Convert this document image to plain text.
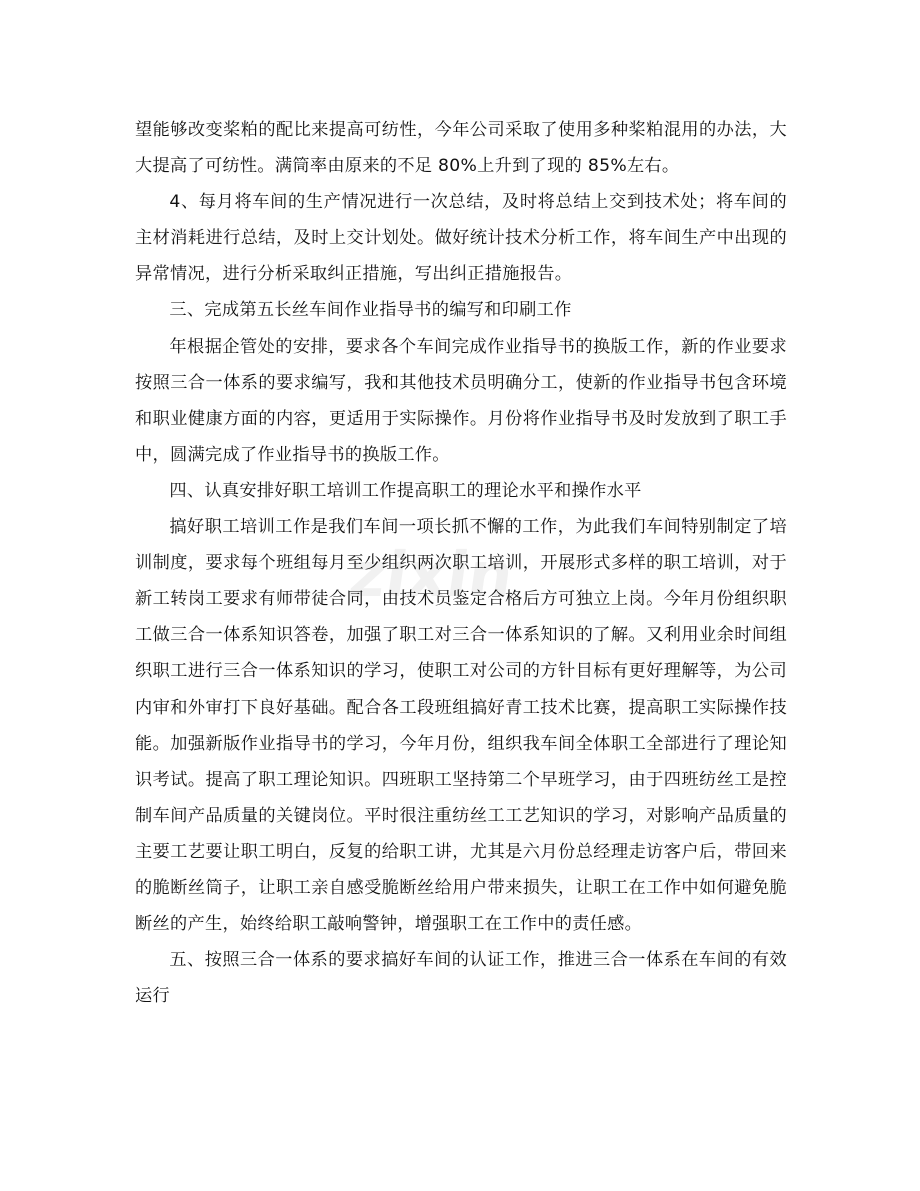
zixin

望能够改变桨粕的配比来提高可纺性，今年公司采取了使用多种桨粕混用的办法，大大提高了可纺性。满筒率由原来的不足 80%上升到了现的 85%左右。

4、每月将车间的生产情况进行一次总结，及时将总结上交到技术处；将车间的主材消耗进行总结，及时上交计划处。做好统计技术分析工作，将车间生产中出现的异常情况，进行分析采取纠正措施，写出纠正措施报告。

三、完成第五长丝车间作业指导书的编写和印刷工作

年根据企管处的安排，要求各个车间完成作业指导书的换版工作，新的作业要求按照三合一体系的要求编写，我和其他技术员明确分工，使新的作业指导书包含环境和职业健康方面的内容，更适用于实际操作。月份将作业指导书及时发放到了职工手中，圆满完成了作业指导书的换版工作。

四、认真安排好职工培训工作提高职工的理论水平和操作水平

搞好职工培训工作是我们车间一项长抓不懈的工作，为此我们车间特别制定了培训制度，要求每个班组每月至少组织两次职工培训，开展形式多样的职工培训，对于新工转岗工要求有师带徒合同，由技术员鉴定合格后方可独立上岗。今年月份组织职工做三合一体系知识答卷，加强了职工对三合一体系知识的了解。又利用业余时间组织职工进行三合一体系知识的学习，使职工对公司的方针目标有更好理解等，为公司内审和外审打下良好基础。配合各工段班组搞好青工技术比赛，提高职工实际操作技能。加强新版作业指导书的学习，今年月份，组织我车间全体职工全部进行了理论知识考试。提高了职工理论知识。四班职工坚持第二个早班学习，由于四班纺丝工是控制车间产品质量的关键岗位。平时很注重纺丝工工艺知识的学习，对影响产品质量的主要工艺要让职工明白，反复的给职工讲，尤其是六月份总经理走访客户后，带回来的脆断丝筒子，让职工亲自感受脆断丝给用户带来损失，让职工在工作中如何避免脆断丝的产生，始终给职工敲响警钟，增强职工在工作中的责任感。

五、按照三合一体系的要求搞好车间的认证工作，推进三合一体系在车间的有效运行
